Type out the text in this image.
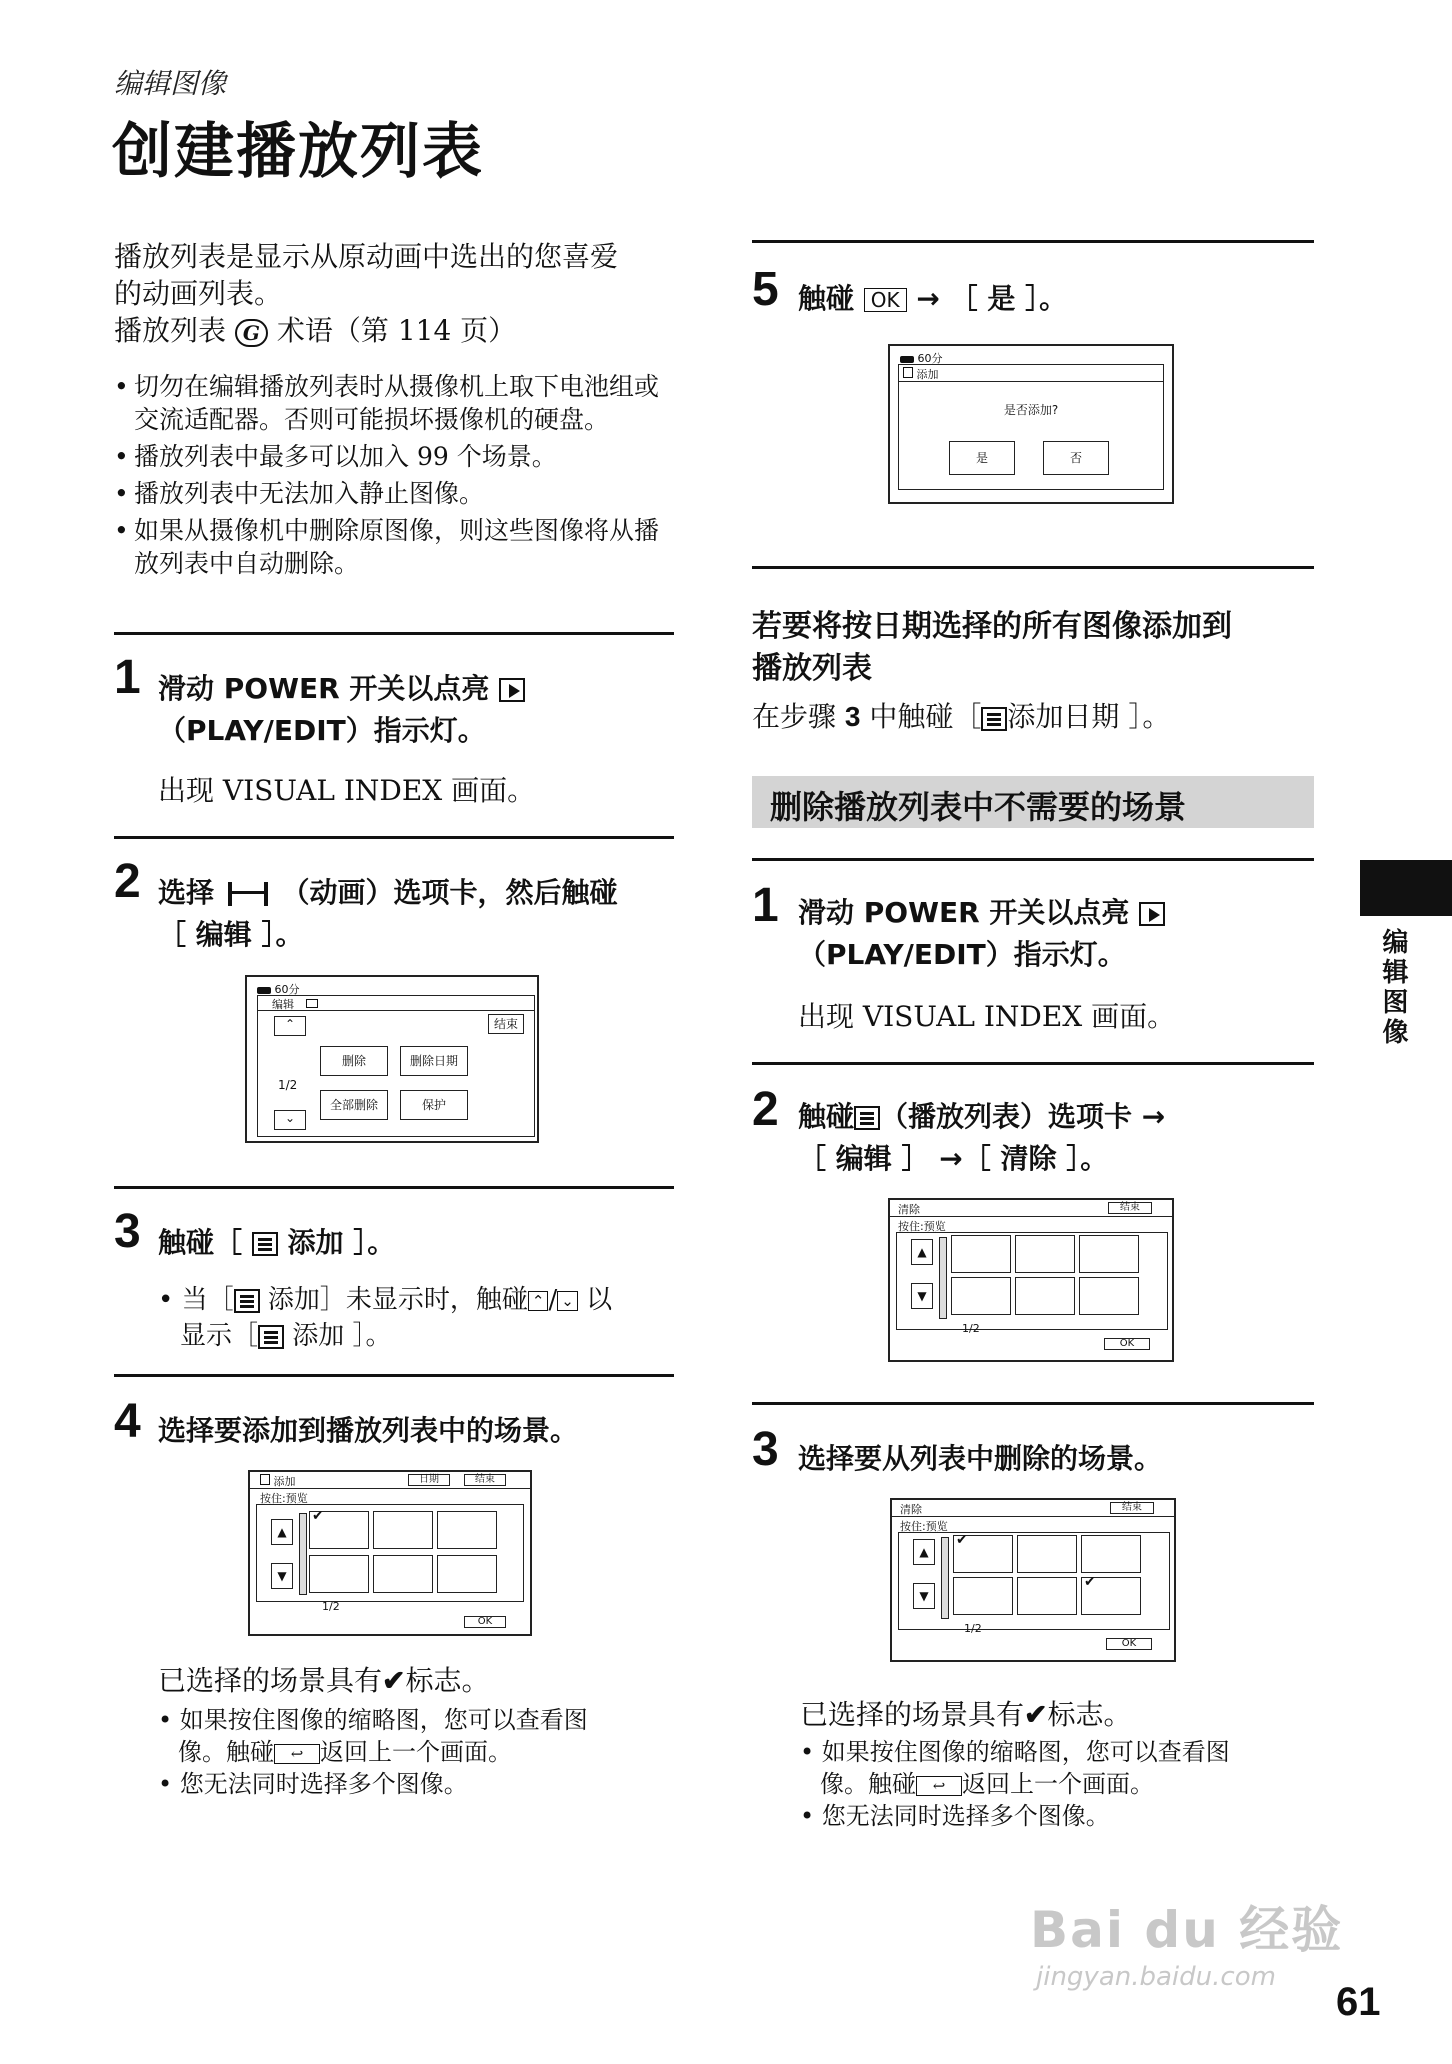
编辑图像
创建播放列表
播放列表是显示从原动画中选出的您喜爱
的动画列表。
播放列表 G 术语（第 114 页）
• 切勿在编辑播放列表时从摄像机上取下电池组或交流适配器。否则可能损坏摄像机的硬盘。
• 播放列表中最多可以加入 99 个场景。
• 播放列表中无法加入静止图像。
• 如果从摄像机中删除原图像，则这些图像将从播放列表中自动删除。
1 滑动 POWER 开关以点亮
（PLAY/EDIT）指示灯。
出现 VISUAL INDEX 画面。
2 选择 （动画）选项卡，然后触碰
［ 编辑 ］。
60分
编辑
结束
⌃
删除	删除日期
1/2
全部删除	保护
⌄
3 触碰［ 添加 ］。
• 当［ 添加］未显示时，触碰 ⌃ / ⌄ 以
显示［ 添加 ］。
4 选择要添加到播放列表中的场景。
添加	日期	结束
按住:预览
▲
▼
✔
1/2
OK
已选择的场景具有✔标志。
• 如果按住图像的缩略图，您可以查看图
像。触碰 ↩ 返回上一个画面。
• 您无法同时选择多个图像。
5 触碰 OK → ［ 是 ］。
60分
添加
是否添加?
是	否
若要将按日期选择的所有图像添加到
播放列表
在步骤 3 中触碰［ 添加日期 ］。
删除播放列表中不需要的场景
1 滑动 POWER 开关以点亮
（PLAY/EDIT）指示灯。
出现 VISUAL INDEX 画面。
2 触碰 （播放列表）选项卡 →
［ 编辑 ］ →［ 清除 ］。
清除	结束
按住:预览
▲
▼
1/2
OK
3 选择要从列表中删除的场景。
清除	结束
按住:预览
▲
▼
✔
✔
1/2
OK
已选择的场景具有✔标志。
• 如果按住图像的缩略图，您可以查看图
像。触碰 ↩ 返回上一个画面。
• 您无法同时选择多个图像。
编辑图像
Bai du 经验
jingyan.baidu.com
61
